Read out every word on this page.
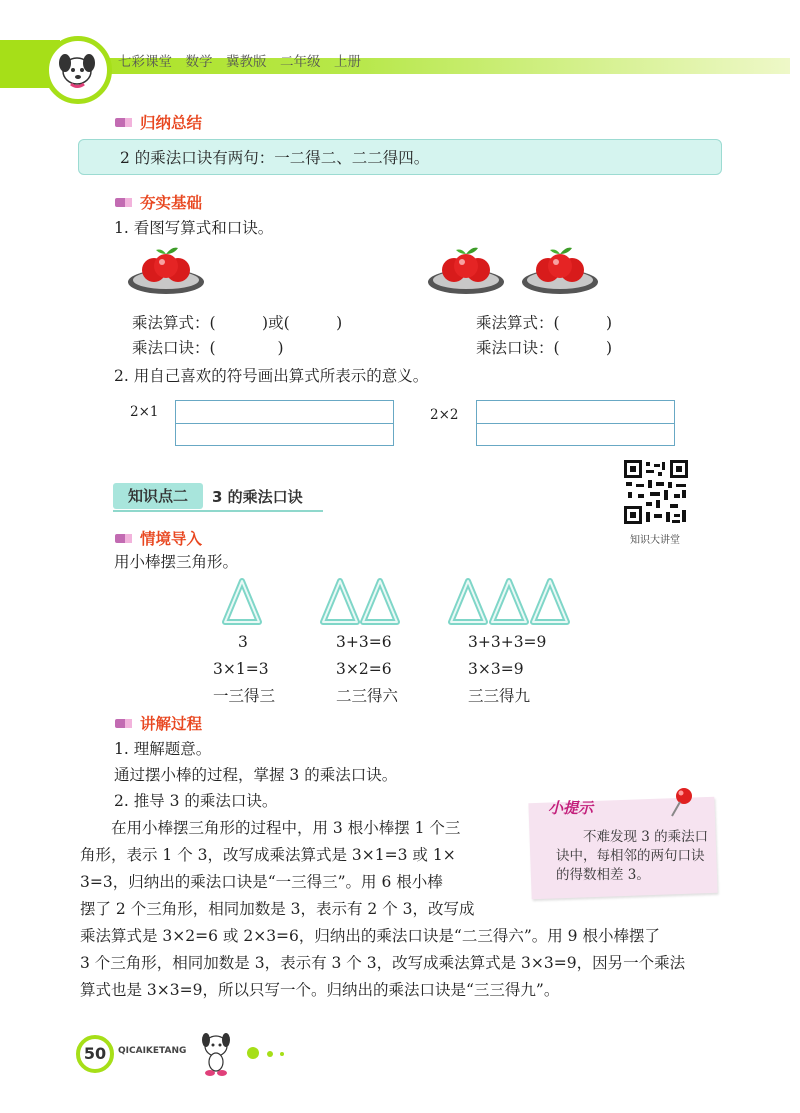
七彩课堂　数学　冀教版　二年级　上册
归纳总结
2 的乘法口诀有两句：一二得二、二二得四。
夯实基础
1. 看图写算式和口诀。
乘法算式：(　　　)或(　　　)
乘法口诀：(　　　　)
乘法算式：(　　　)
乘法口诀：(　　　)
2. 用自己喜欢的符号画出算式所表示的意义。
2×1	2×2
知识点二	3 的乘法口诀
知识大讲堂
情境导入
用小棒摆三角形。
3
3×1=3
一三得三
3+3=6
3×2=6
二三得六
3+3+3=9
3×3=9
三三得九
讲解过程
1. 理解题意。
通过摆小棒的过程，掌握 3 的乘法口诀。
2. 推导 3 的乘法口诀。
　　在用小棒摆三角形的过程中，用 3 根小棒摆 1 个三
角形，表示 1 个 3，改写成乘法算式是 3×1=3 或 1×
3=3，归纳出的乘法口诀是“一三得三”。用 6 根小棒
摆了 2 个三角形，相同加数是 3，表示有 2 个 3，改写成
乘法算式是 3×2=6 或 2×3=6，归纳出的乘法口诀是“二三得六”。用 9 根小棒摆了
3 个三角形，相同加数是 3，表示有 3 个 3，改写成乘法算式是 3×3=9，因另一个乘法
算式也是 3×3=9，所以只写一个。归纳出的乘法口诀是“三三得九”。
小提示
　　不难发现 3 的乘法口诀中，每相邻的两句口诀的得数相差 3。
50	QICAIKETANG
